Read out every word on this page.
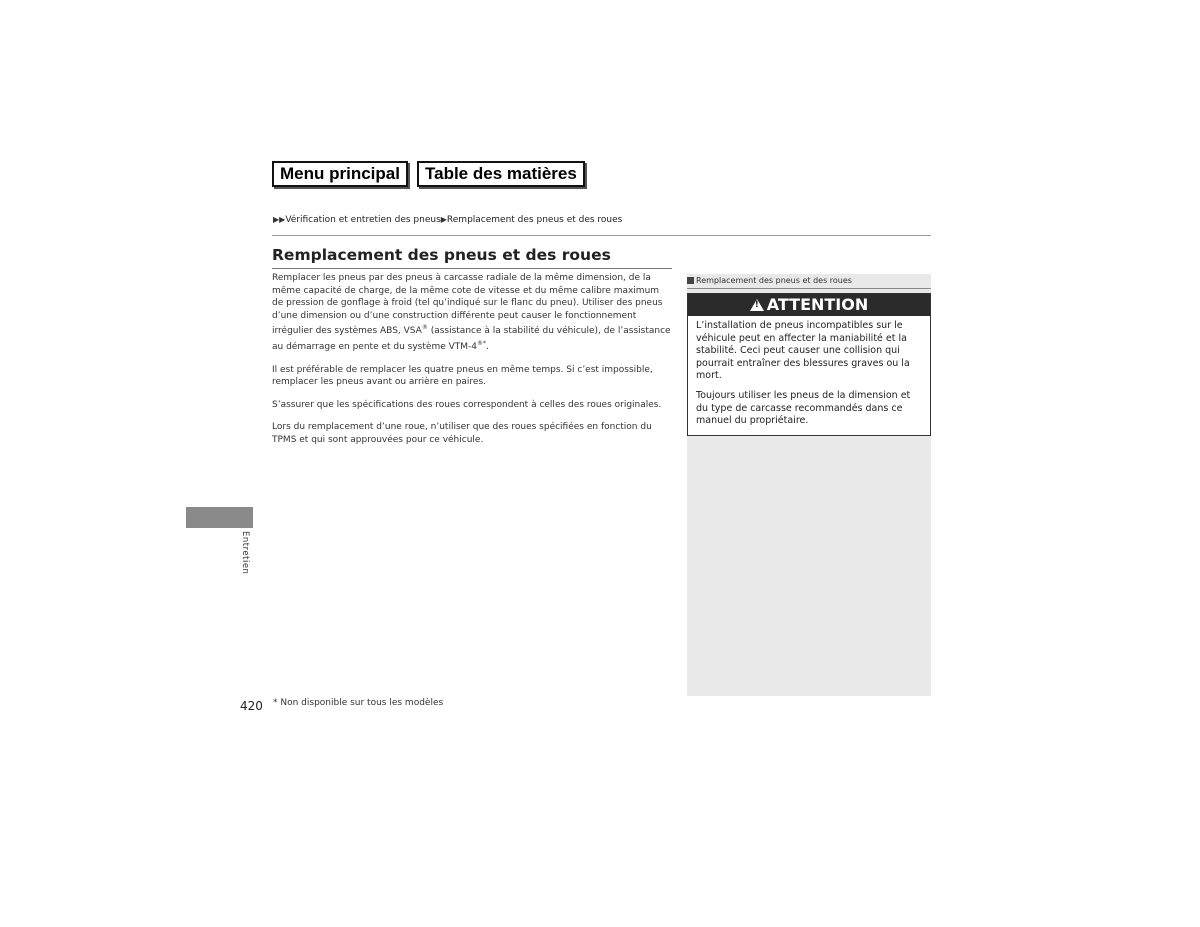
Menu principal	Table des matières
▶▶Vérification et entretien des pneus▶Remplacement des pneus et des roues
Remplacement des pneus et des roues

Remplacer les pneus par des pneus à carcasse radiale de la même dimension, de la même capacité de charge, de la même cote de vitesse et du même calibre maximum de pression de gonflage à froid (tel qu’indiqué sur le flanc du pneu). Utiliser des pneus d’une dimension ou d’une construction différente peut causer le fonctionnement irrégulier des systèmes ABS, VSA® (assistance à la stabilité du véhicule), de l’assistance au démarrage en pente et du système VTM-4®*.

Il est préférable de remplacer les quatre pneus en même temps. Si c’est impossible, remplacer les pneus avant ou arrière en paires.

S’assurer que les spécifications des roues correspondent à celles des roues originales.

Lors du remplacement d’une roue, n’utiliser que des roues spécifiées en fonction du TPMS et qui sont approuvées pour ce véhicule.

Remplacement des pneus et des roues
!ATTENTION

L’installation de pneus incompatibles sur le véhicule peut en affecter la maniabilité et la stabilité. Ceci peut causer une collision qui pourrait entraîner des blessures graves ou la mort.

Toujours utiliser les pneus de la dimension et du type de carcasse recommandés dans ce manuel du propriétaire.

Entretien
420 * Non disponible sur tous les modèles
